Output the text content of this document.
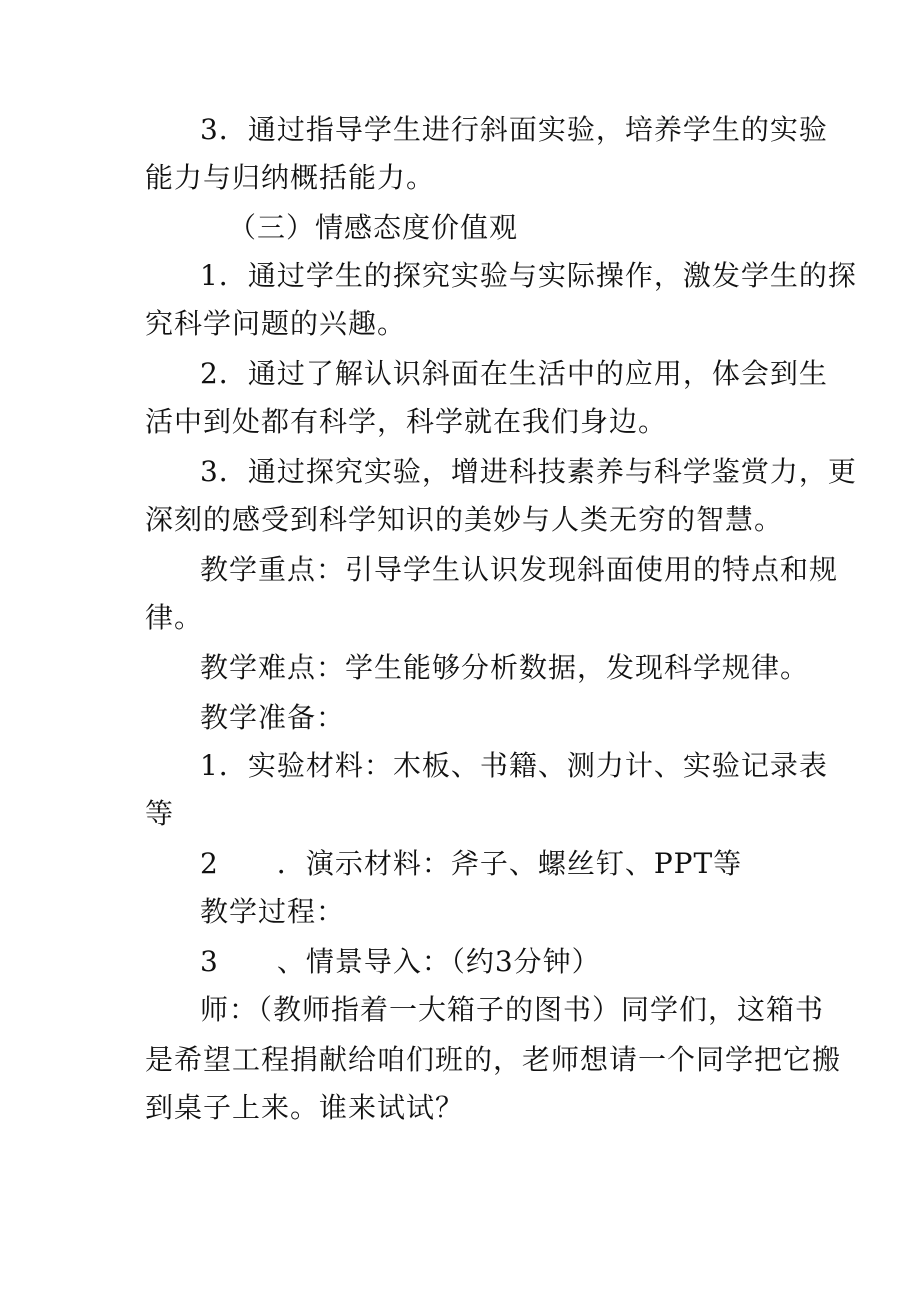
3．通过指导学生进行斜面实验，培养学生的实验
能力与归纳概括能力。
（三）情感态度价值观
1．通过学生的探究实验与实际操作，激发学生的探
究科学问题的兴趣。
2．通过了解认识斜面在生活中的应用，体会到生
活中到处都有科学，科学就在我们身边。
3．通过探究实验，增进科技素养与科学鉴赏力，更
深刻的感受到科学知识的美妙与人类无穷的智慧。
教学重点：引导学生认识发现斜面使用的特点和规
律。
教学难点：学生能够分析数据，发现科学规律。
教学准备：
1．实验材料：木板、书籍、测力计、实验记录表
等
2　　．演示材料：斧子、螺丝钉、PPT等
教学过程：
3　　、情景导入：（约3分钟）
师：（教师指着一大箱子的图书）同学们，这箱书
是希望工程捐献给咱们班的，老师想请一个同学把它搬
到桌子上来。谁来试试？
